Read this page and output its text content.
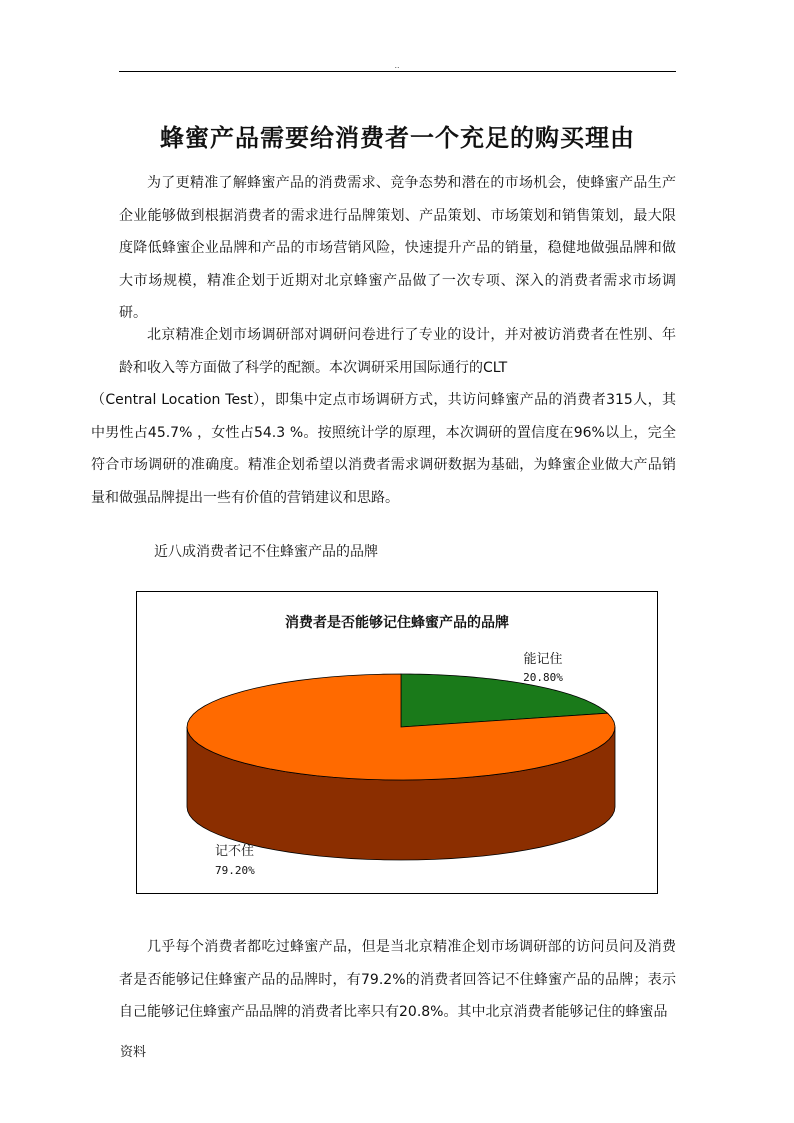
..
蜂蜜产品需要给消费者一个充足的购买理由

为了更精准了解蜂蜜产品的消费需求、竞争态势和潜在的市场机会，使蜂蜜产品生产企业能够做到根据消费者的需求进行品牌策划、产品策划、市场策划和销售策划，最大限度降低蜂蜜企业品牌和产品的市场营销风险，快速提升产品的销量，稳健地做强品牌和做大市场规模，精准企划于近期对北京蜂蜜产品做了一次专项、深入的消费者需求市场调研。

北京精准企划市场调研部对调研问卷进行了专业的设计，并对被访消费者在性别、年龄和收入等方面做了科学的配额。本次调研采用国际通行的CLT
（Central Location Test），即集中定点市场调研方式，共访问蜂蜜产品的消费者315人，其中男性占45.7% ，女性占54.3 %。按照统计学的原理，本次调研的置信度在96%以上，完全符合市场调研的准确度。精准企划希望以消费者需求调研数据为基础，为蜂蜜企业做大产品销量和做强品牌提出一些有价值的营销建议和思路。

近八成消费者记不住蜂蜜产品的品牌

消费者是否能够记住蜂蜜产品的品牌
能记住
20.80%
记不住
79.20%

几乎每个消费者都吃过蜂蜜产品，但是当北京精准企划市场调研部的访问员问及消费者是否能够记住蜂蜜产品的品牌时，有79.2%的消费者回答记不住蜂蜜产品的品牌；表示自己能够记住蜂蜜产品品牌的消费者比率只有20.8%。其中北京消费者能够记住的蜂蜜品

资料
